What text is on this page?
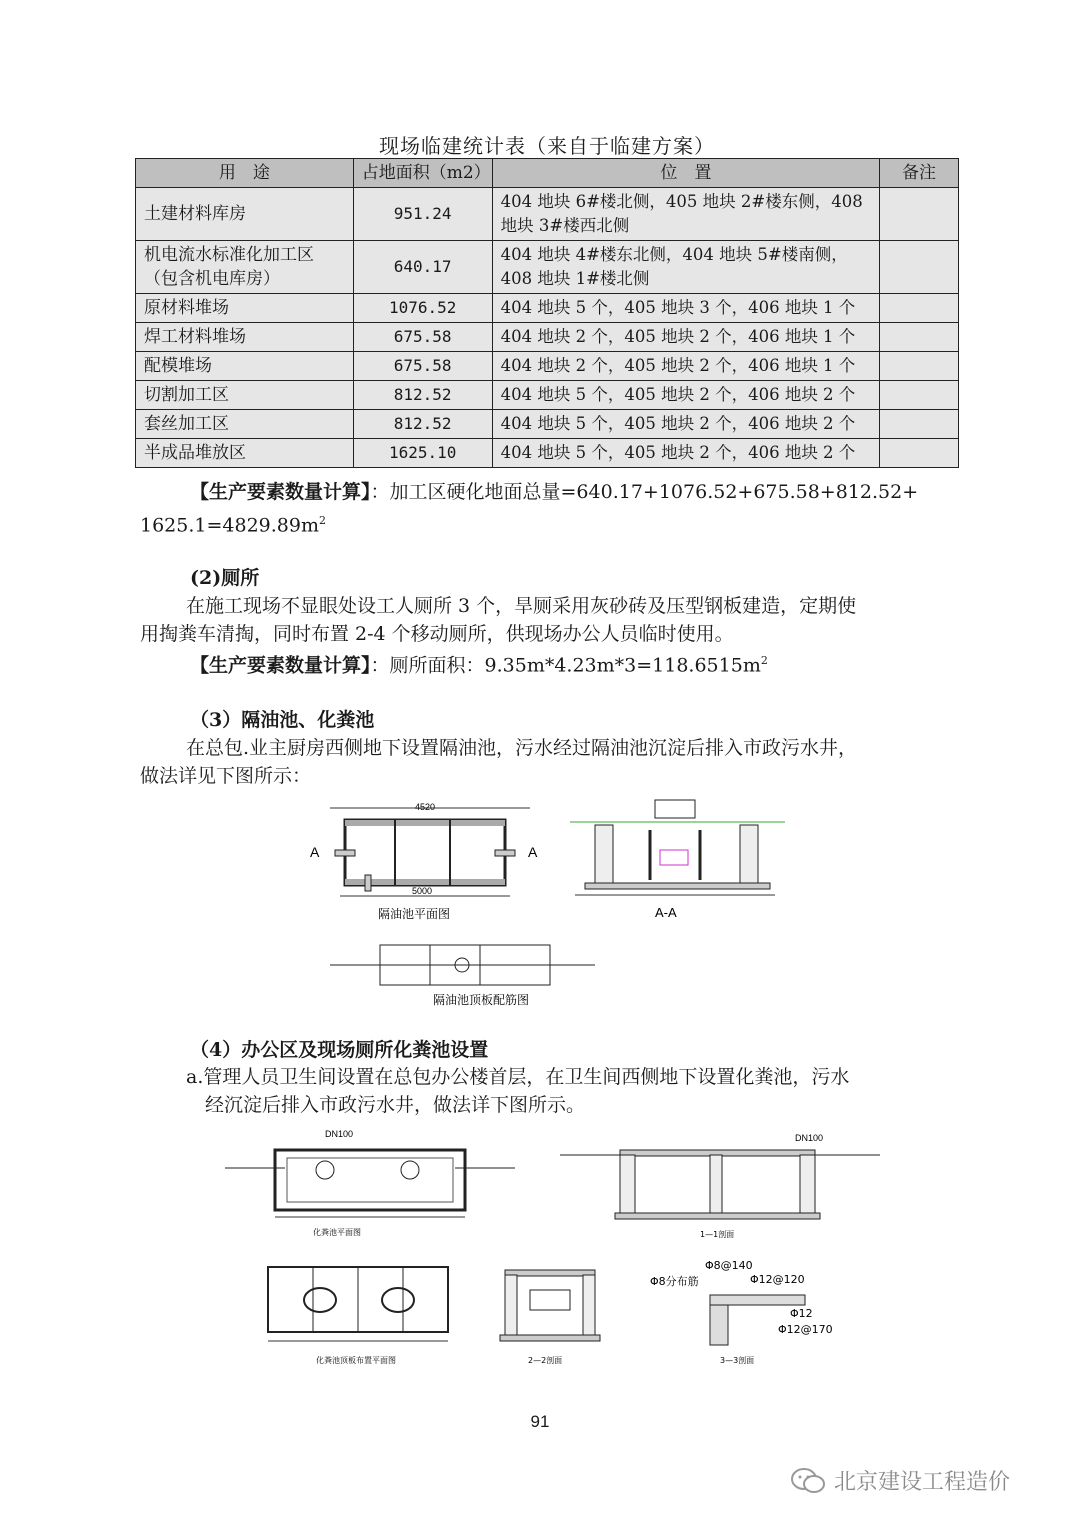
现场临建统计表（来自于临建方案）
用　途	占地面积（m2）	位　置	备注
土建材料库房	951.24	404 地块 6#楼北侧，405 地块 2#楼东侧，408 地块 3#楼西北侧	
机电流水标准化加工区（包含机电库房）	640.17	404 地块 4#楼东北侧，404 地块 5#楼南侧，408 地块 1#楼北侧	
原材料堆场	1076.52	404 地块 5 个，405 地块 3 个，406 地块 1 个	
焊工材料堆场	675.58	404 地块 2 个，405 地块 2 个，406 地块 1 个	
配模堆场	675.58	404 地块 2 个，405 地块 2 个，406 地块 1 个	
切割加工区	812.52	404 地块 5 个，405 地块 2 个，406 地块 2 个	
套丝加工区	812.52	404 地块 5 个，405 地块 2 个，406 地块 2 个	
半成品堆放区	1625.10	404 地块 5 个，405 地块 2 个，406 地块 2 个	
【生产要素数量计算】：加工区硬化地面总量=640.17+1076.52+675.58+812.52+
$1625.1=4829.89m^2$
(2)厕所
在施工现场不显眼处设工人厕所 3 个，旱厕采用灰砂砖及压型钢板建造，定期使
用掏粪车清掏，同时布置 2-4 个移动厕所，供现场办公人员临时使用。
【生产要素数量计算】：厕所面积：$9.35m*4.23m*3=118.6515m^2$
（3）隔油池、化粪池
在总包.业主厨房西侧地下设置隔油池，污水经过隔油池沉淀后排入市政污水井，
做法详见下图所示：
4520
A	A
5000
隔油池平面图	A-A
隔油池顶板配筋图
（4）办公区及现场厕所化粪池设置
a.管理人员卫生间设置在总包办公楼首层，在卫生间西侧地下设置化粪池，污水
经沉淀后排入市政污水井，做法详下图所示。
DN100
化粪池平面图
DN100
1—1剖面
化粪池顶板布置平面图	2—2剖面
Φ8@140
Φ8分布筋	Φ12@120
Φ12
Φ12@170
3—3剖面
91
北京建设工程造价
